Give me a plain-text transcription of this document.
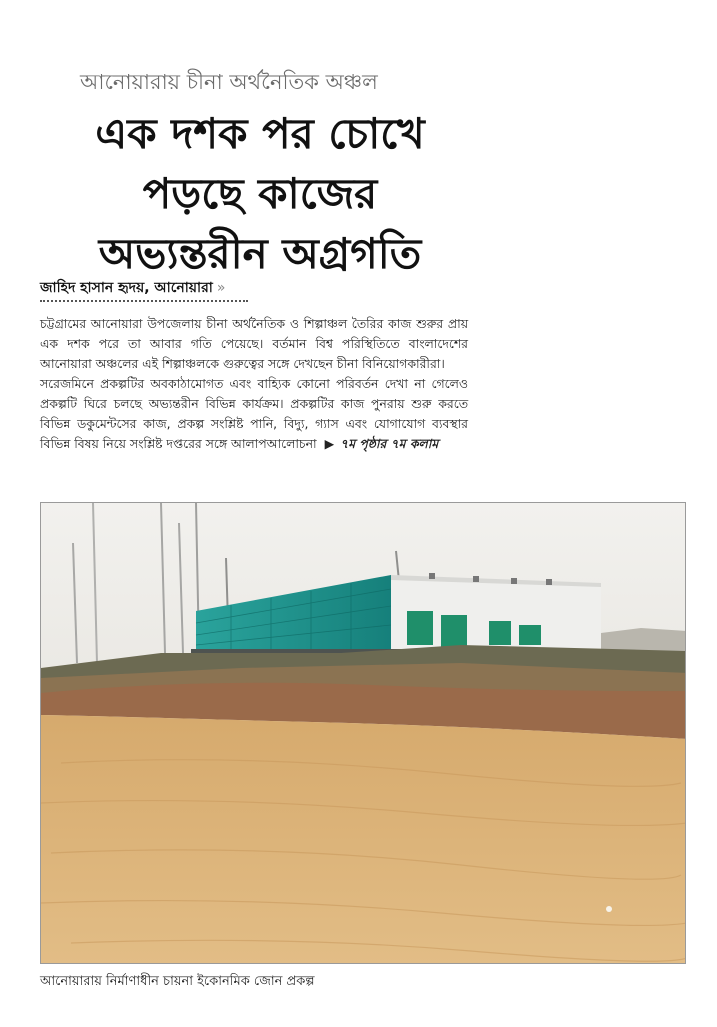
আনোয়ারায় চীনা অর্থনৈতিক অঞ্চল
এক দশক পর চোখে
পড়ছে কাজের
অভ্যন্তরীন অগ্রগতি
জাহিদ হাসান হৃদয়, আনোয়ারা »

চট্টগ্রামের আনোয়ারা উপজেলায় চীনা অর্থনৈতিক ও শিল্পাঞ্চল তৈরির কাজ শুরুর প্রায় এক দশক পরে তা আবার গতি পেয়েছে। বর্তমান বিশ্ব পরিস্থিতিতে বাংলাদেশের আনোয়ারা অঞ্চলের এই শিল্পাঞ্চলকে গুরুত্বের সঙ্গে দেখছেন চীনা বিনিয়োগকারীরা।

সরেজমিনে প্রকল্পটির অবকাঠামোগত এবং বাহ্যিক কোনো পরিবর্তন দেখা না গেলেও প্রকল্পটি ঘিরে চলছে অভ্যন্তরীন বিভিন্ন কার্যক্রম। প্রকল্পটির কাজ পুনরায় শুরু করতে বিভিন্ন ডকুমেন্টসের কাজ, প্রকল্প সংশ্লিষ্ট পানি, বিদ্যু, গ্যাস এবং যোগাযোগ ব্যবস্থার বিভিন্ন বিষয় নিয়ে সংশ্লিষ্ট দপ্তরের সঙ্গে আলাপআলোচনা ▶ ৭ম পৃষ্ঠার ৭ম কলাম

আনোয়ারায় নির্মাণাধীন চায়না ইকোনমিক জোন প্রকল্প
